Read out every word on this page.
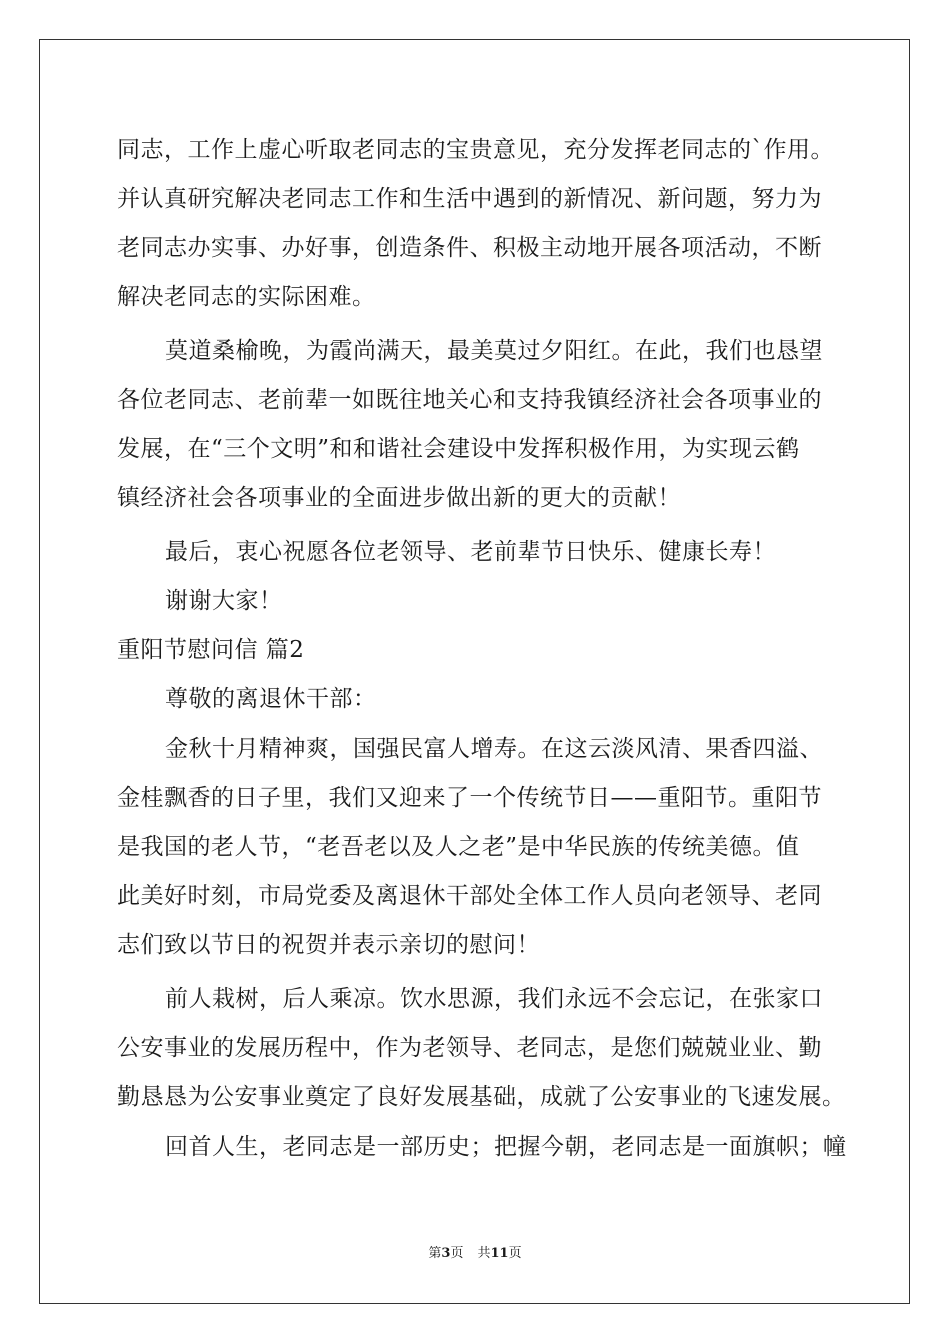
同志，工作上虚心听取老同志的宝贵意见，充分发挥老同志的`作用。
并认真研究解决老同志工作和生活中遇到的新情况、新问题，努力为
老同志办实事、办好事，创造条件、积极主动地开展各项活动，不断
解决老同志的实际困难。
莫道桑榆晚，为霞尚满天，最美莫过夕阳红。在此，我们也恳望
各位老同志、老前辈一如既往地关心和支持我镇经济社会各项事业的
发展，在“三个文明”和和谐社会建设中发挥积极作用，为实现云鹤
镇经济社会各项事业的全面进步做出新的更大的贡献！
最后，衷心祝愿各位老领导、老前辈节日快乐、健康长寿！
谢谢大家！
重阳节慰问信 篇2
尊敬的离退休干部：
金秋十月精神爽，国强民富人增寿。在这云淡风清、果香四溢、
金桂飘香的日子里，我们又迎来了一个传统节日——重阳节。重阳节
是我国的老人节，“老吾老以及人之老”是中华民族的传统美德。值
此美好时刻，市局党委及离退休干部处全体工作人员向老领导、老同
志们致以节日的祝贺并表示亲切的慰问！
前人栽树，后人乘凉。饮水思源，我们永远不会忘记，在张家口
公安事业的发展历程中，作为老领导、老同志，是您们兢兢业业、勤
勤恳恳为公安事业奠定了良好发展基础，成就了公安事业的飞速发展。
回首人生，老同志是一部历史；把握今朝，老同志是一面旗帜；幢
第3页 共11页
